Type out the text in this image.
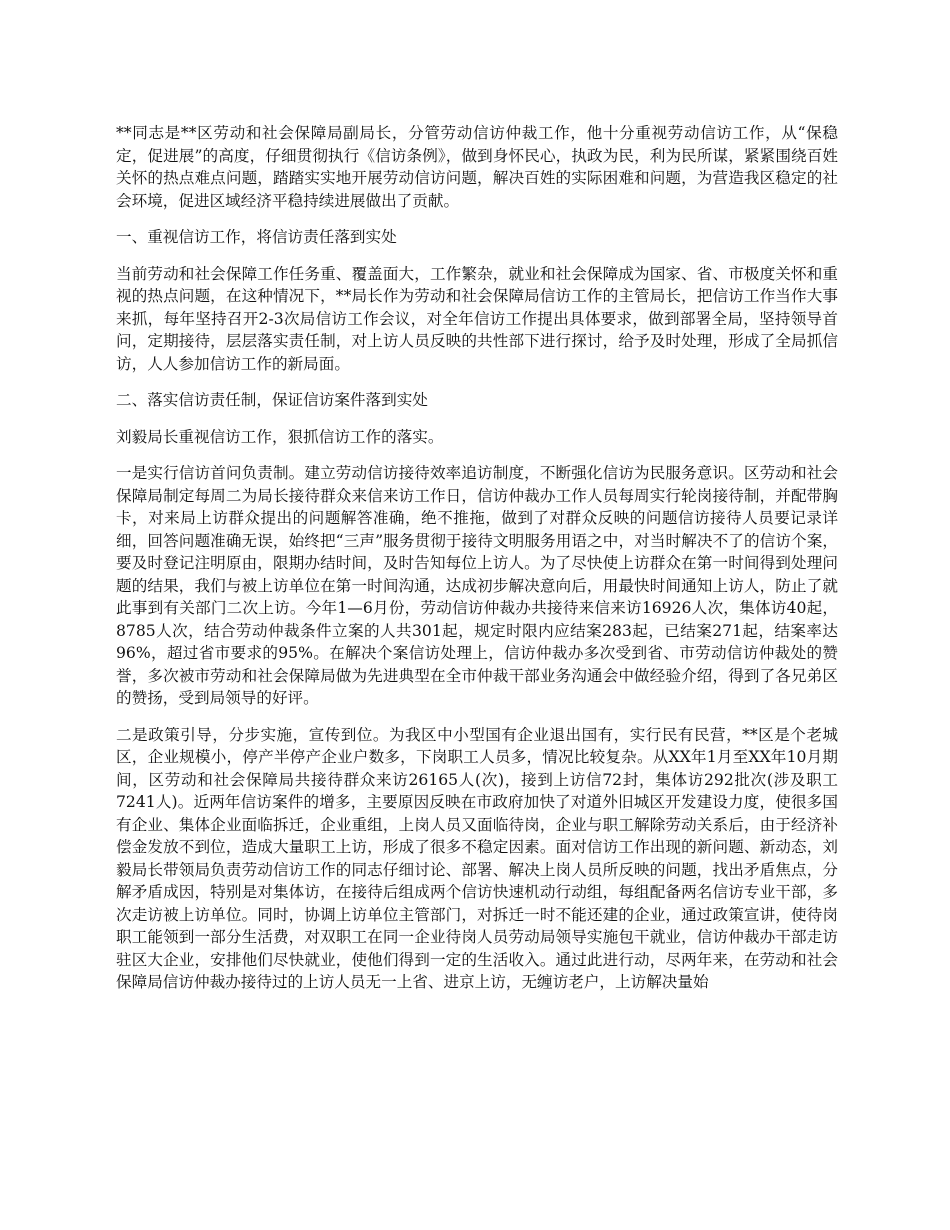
**同志是**区劳动和社会保障局副局长，分管劳动信访仲裁工作，他十分重视劳动信访工作，从“保稳定，促进展”的高度，仔细贯彻执行《信访条例》，做到身怀民心，执政为民，利为民所谋，紧紧围绕百姓关怀的热点难点问题，踏踏实实地开展劳动信访问题，解决百姓的实际困难和问题，为营造我区稳定的社会环境，促进区域经济平稳持续进展做出了贡献。

一、重视信访工作，将信访责任落到实处

当前劳动和社会保障工作任务重、覆盖面大，工作繁杂，就业和社会保障成为国家、省、市极度关怀和重视的热点问题，在这种情况下，**局长作为劳动和社会保障局信访工作的主管局长，把信访工作当作大事来抓，每年坚持召开2-3次局信访工作会议，对全年信访工作提出具体要求，做到部署全局，坚持领导首问，定期接待，层层落实责任制，对上访人员反映的共性部下进行探讨，给予及时处理，形成了全局抓信访，人人参加信访工作的新局面。

二、落实信访责任制，保证信访案件落到实处

刘毅局长重视信访工作，狠抓信访工作的落实。

一是实行信访首问负责制。建立劳动信访接待效率追访制度，不断强化信访为民服务意识。区劳动和社会保障局制定每周二为局长接待群众来信来访工作日，信访仲裁办工作人员每周实行轮岗接待制，并配带胸卡，对来局上访群众提出的问题解答准确，绝不推拖，做到了对群众反映的问题信访接待人员要记录详细，回答问题准确无误，始终把“三声”服务贯彻于接待文明服务用语之中，对当时解决不了的信访个案，要及时登记注明原由，限期办结时间，及时告知每位上访人。为了尽快使上访群众在第一时间得到处理问题的结果，我们与被上访单位在第一时间沟通，达成初步解决意向后，用最快时间通知上访人，防止了就此事到有关部门二次上访。今年1—6月份，劳动信访仲裁办共接待来信来访16926人次，集体访40起，8785人次，结合劳动仲裁条件立案的人共301起，规定时限内应结案283起，已结案271起，结案率达96%，超过省市要求的95%。在解决个案信访处理上，信访仲裁办多次受到省、市劳动信访仲裁处的赞誉，多次被市劳动和社会保障局做为先进典型在全市仲裁干部业务沟通会中做经验介绍，得到了各兄弟区的赞扬，受到局领导的好评。

二是政策引导，分步实施，宣传到位。为我区中小型国有企业退出国有，实行民有民营，**区是个老城区，企业规模小，停产半停产企业户数多，下岗职工人员多，情况比较复杂。从XX年1月至XX年10月期间，区劳动和社会保障局共接待群众来访26165人(次)，接到上访信72封，集体访292批次(涉及职工7241人)。近两年信访案件的增多，主要原因反映在市政府加快了对道外旧城区开发建设力度，使很多国有企业、集体企业面临拆迁，企业重组，上岗人员又面临待岗，企业与职工解除劳动关系后，由于经济补偿金发放不到位，造成大量职工上访，形成了很多不稳定因素。面对信访工作出现的新问题、新动态，刘毅局长带领局负责劳动信访工作的同志仔细讨论、部署、解决上岗人员所反映的问题，找出矛盾焦点，分解矛盾成因，特别是对集体访，在接待后组成两个信访快速机动行动组，每组配备两名信访专业干部，多次走访被上访单位。同时，协调上访单位主管部门，对拆迁一时不能还建的企业，通过政策宣讲，使待岗职工能领到一部分生活费，对双职工在同一企业待岗人员劳动局领导实施包干就业，信访仲裁办干部走访驻区大企业，安排他们尽快就业，使他们得到一定的生活收入。通过此进行动，尽两年来，在劳动和社会保障局信访仲裁办接待过的上访人员无一上省、进京上访，无缠访老户，上访解决量始
